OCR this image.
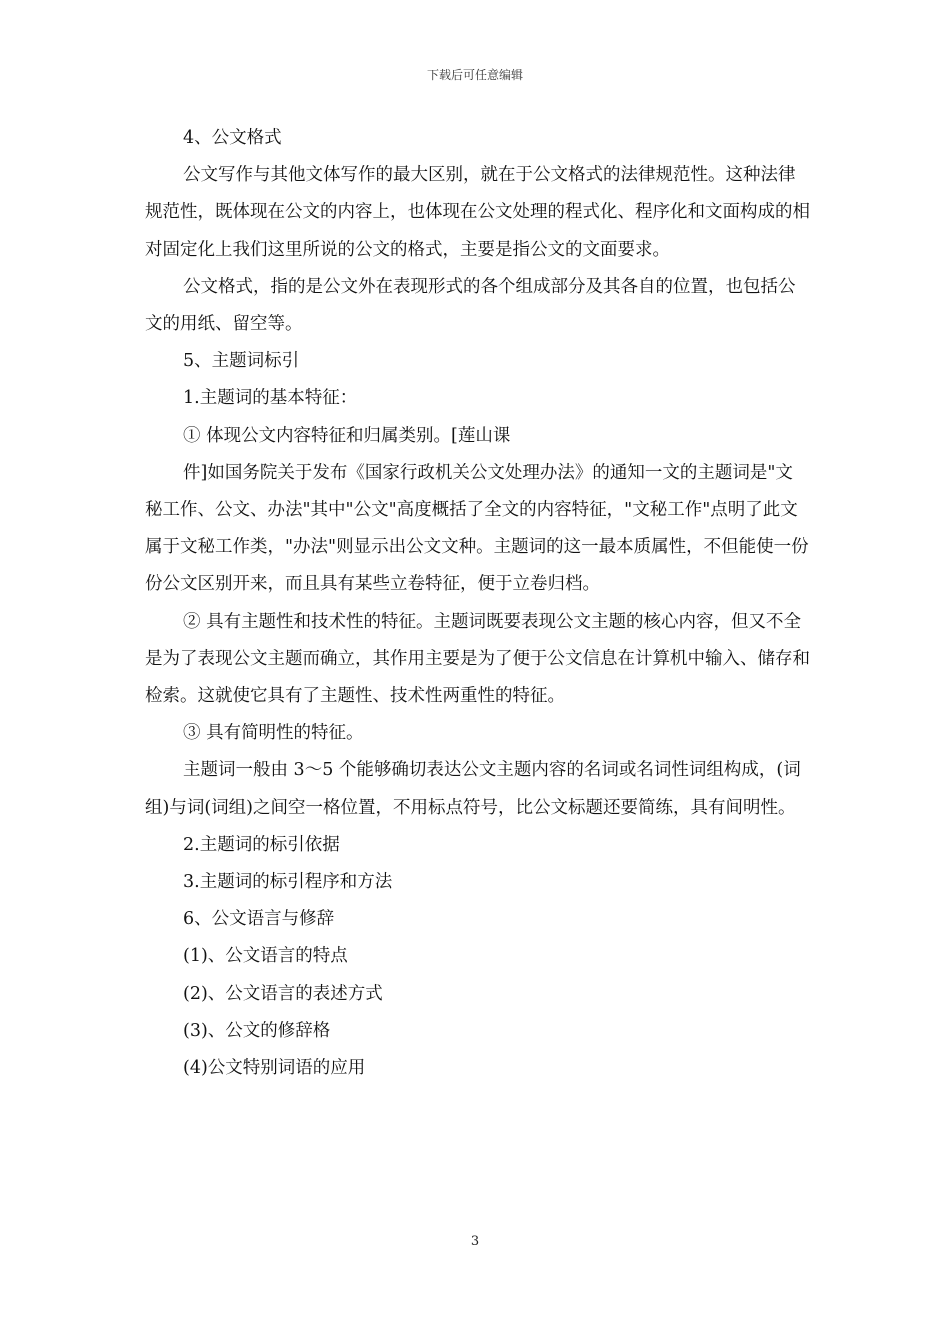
下载后可任意编辑

4、公文格式

公文写作与其他文体写作的最大区别，就在于公文格式的法律规范性。这种法律规范性，既体现在公文的内容上，也体现在公文处理的程式化、程序化和文面构成的相对固定化上我们这里所说的公文的格式，主要是指公文的文面要求。

公文格式，指的是公文外在表现形式的各个组成部分及其各自的位置，也包括公文的用纸、留空等。

5、主题词标引

1.主题词的基本特征：

① 体现公文内容特征和归属类别。[莲山课

件]如国务院关于发布《国家行政机关公文处理办法》的通知一文的主题词是"文秘工作、公文、办法"其中"公文"高度概括了全文的内容特征，"文秘工作"点明了此文属于文秘工作类，"办法"则显示出公文文种。主题词的这一最本质属性，不但能使一份份公文区别开来，而且具有某些立卷特征，便于立卷归档。

② 具有主题性和技术性的特征。主题词既要表现公文主题的核心内容，但又不全是为了表现公文主题而确立，其作用主要是为了便于公文信息在计算机中输入、储存和检索。这就使它具有了主题性、技术性两重性的特征。

③ 具有简明性的特征。

主题词一般由 3～5 个能够确切表达公文主题内容的名词或名词性词组构成，(词组)与词(词组)之间空一格位置，不用标点符号，比公文标题还要简练，具有间明性。

2.主题词的标引依据

3.主题词的标引程序和方法

6、公文语言与修辞

(1)、公文语言的特点

(2)、公文语言的表述方式

(3)、公文的修辞格

(4)公文特别词语的应用

3
